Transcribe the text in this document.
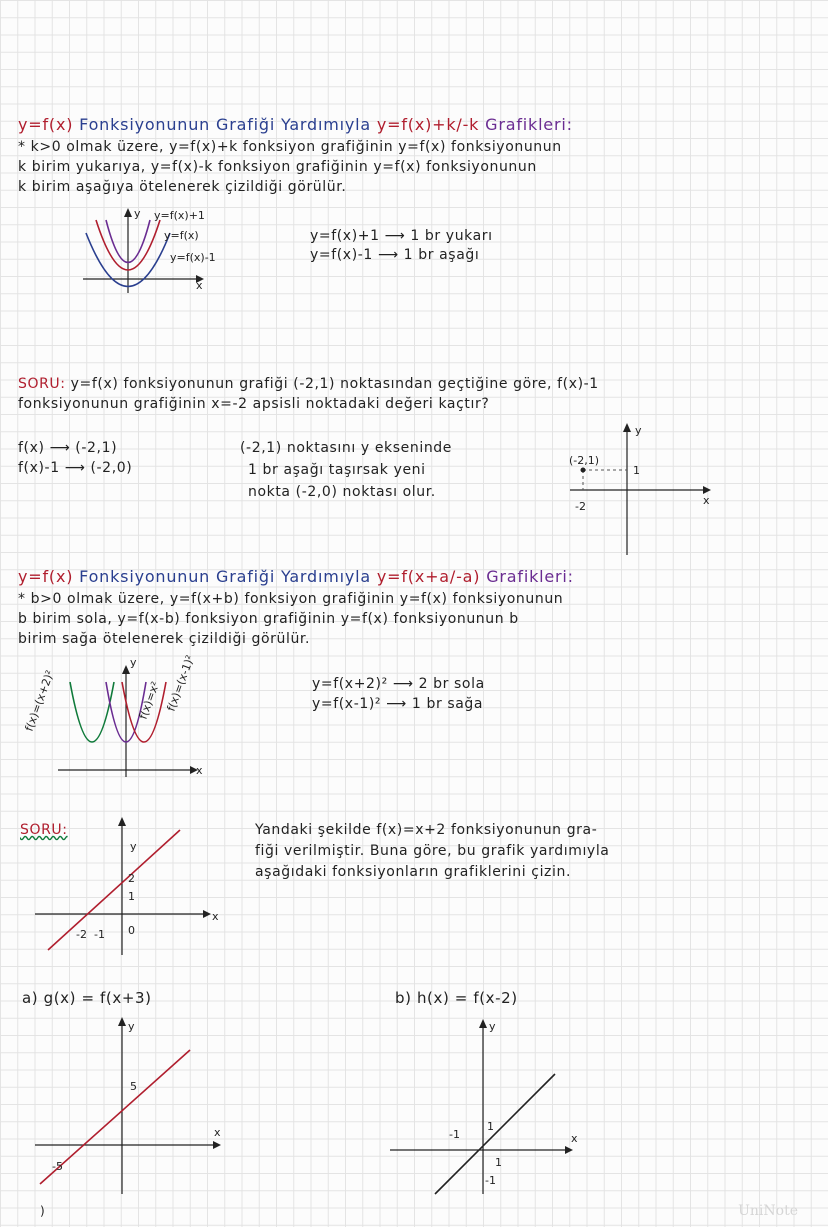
y=f(x) Fonksiyonunun Grafiği Yardımıyla y=f(x)+k/-k Grafikleri:
* k>0 olmak üzere, y=f(x)+k fonksiyon grafiğinin y=f(x) fonksiyonunun
k birim yukarıya, y=f(x)-k fonksiyon grafiğinin y=f(x) fonksiyonunun
k birim aşağıya ötelenerek çizildiği görülür.
y=f(x)+1
y=f(x)
y=f(x)-1
y
x
y=f(x)+1 ⟶ 1 br yukarı
y=f(x)-1 ⟶ 1 br aşağı
SORU: y=f(x) fonksiyonunun grafiği (-2,1) noktasından geçtiğine göre, f(x)-1
fonksiyonunun grafiğinin x=-2 apsisli noktadaki değeri kaçtır?
f(x) ⟶ (-2,1)
f(x)-1 ⟶ (-2,0)
(-2,1) noktasını y ekseninde
1 br aşağı taşırsak yeni
nokta (-2,0) noktası olur.
y
x
(-2,1)
1
-2
y=f(x) Fonksiyonunun Grafiği Yardımıyla y=f(x+a/-a) Grafikleri:
* b>0 olmak üzere, y=f(x+b) fonksiyon grafiğinin y=f(x) fonksiyonunun
b birim sola, y=f(x-b) fonksiyon grafiğinin y=f(x) fonksiyonunun b
birim sağa ötelenerek çizildiği görülür.
f(x)=(x+2)²	f(x)=x² f(x)=(x-1)²
y
x
y=f(x+2)² ⟶ 2 br sola
y=f(x-1)² ⟶ 1 br sağa
SORU:	Yandaki şekilde f(x)=x+2 fonksiyonunun gra-
fiği verilmiştir. Buna göre, bu grafik yardımıyla
aşağıdaki fonksiyonların grafiklerini çizin.
y
x
2
1
-2 -1 0
a) g(x) = f(x+3)
y
x
5
-5
b) h(x) = f(x-2)
y
x
1
-1
1
-1
)	UniNote
